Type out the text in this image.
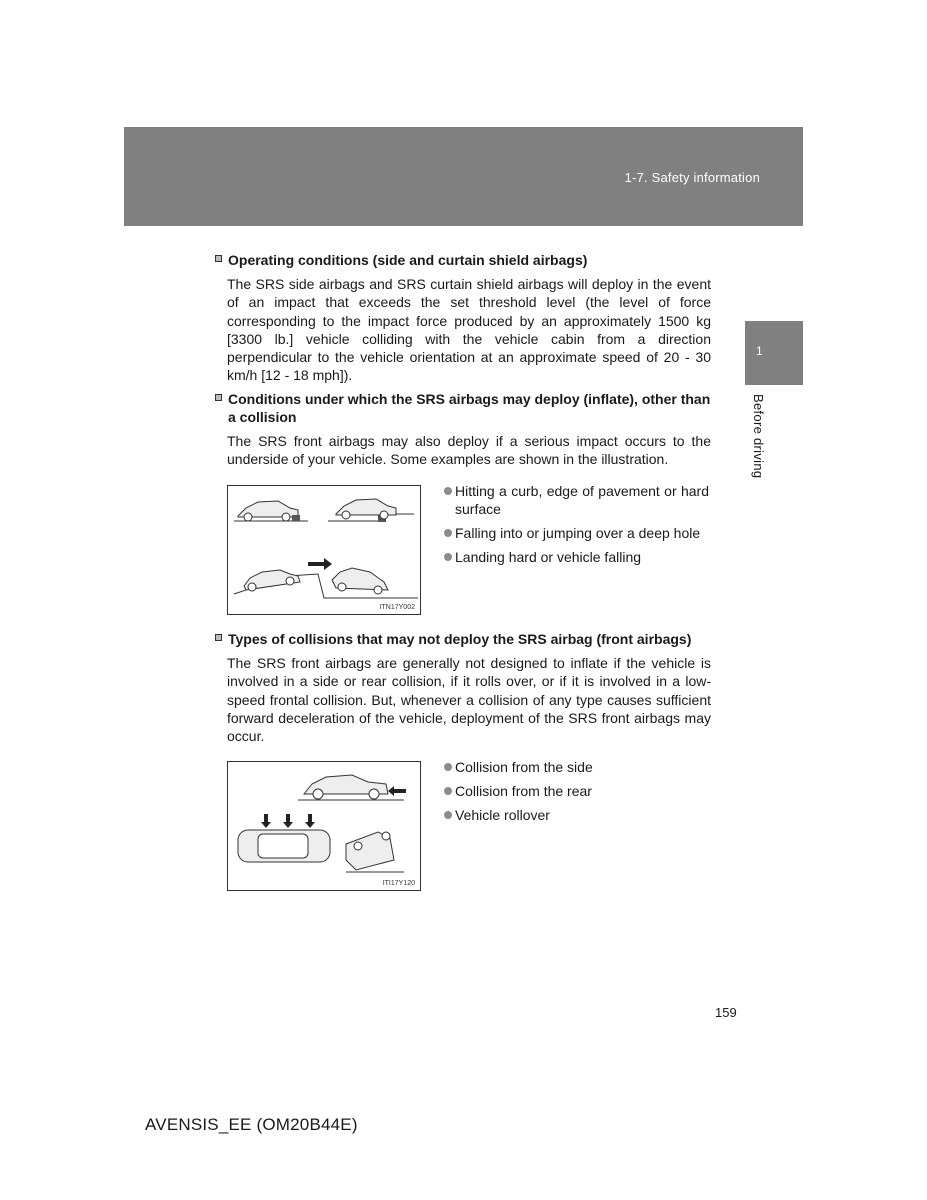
1-7. Safety information
1
Before driving
Operating conditions (side and curtain shield airbags)
The SRS side airbags and SRS curtain shield airbags will deploy in the event of an impact that exceeds the set threshold level (the level of force corresponding to the impact force produced by an approximately 1500 kg [3300 lb.] vehicle colliding with the vehicle cabin from a direction perpendicular to the vehicle orientation at an approximate speed of 20 - 30 km/h [12 - 18 mph]).
Conditions under which the SRS airbags may deploy (inflate), other than a collision
The SRS front airbags may also deploy if a serious impact occurs to the underside of your vehicle. Some examples are shown in the illustration.
ITN17Y002
Hitting a curb, edge of pavement or hard surface
Falling into or jumping over a deep hole
Landing hard or vehicle falling
Types of collisions that may not deploy the SRS airbag (front airbags)
The SRS front airbags are generally not designed to inflate if the vehicle is involved in a side or rear collision, if it rolls over, or if it is involved in a low-speed frontal collision. But, whenever a collision of any type causes sufficient forward deceleration of the vehicle, deployment of the SRS front airbags may occur.
ITI17Y120
Collision from the side
Collision from the rear
Vehicle rollover
159
AVENSIS_EE (OM20B44E)
